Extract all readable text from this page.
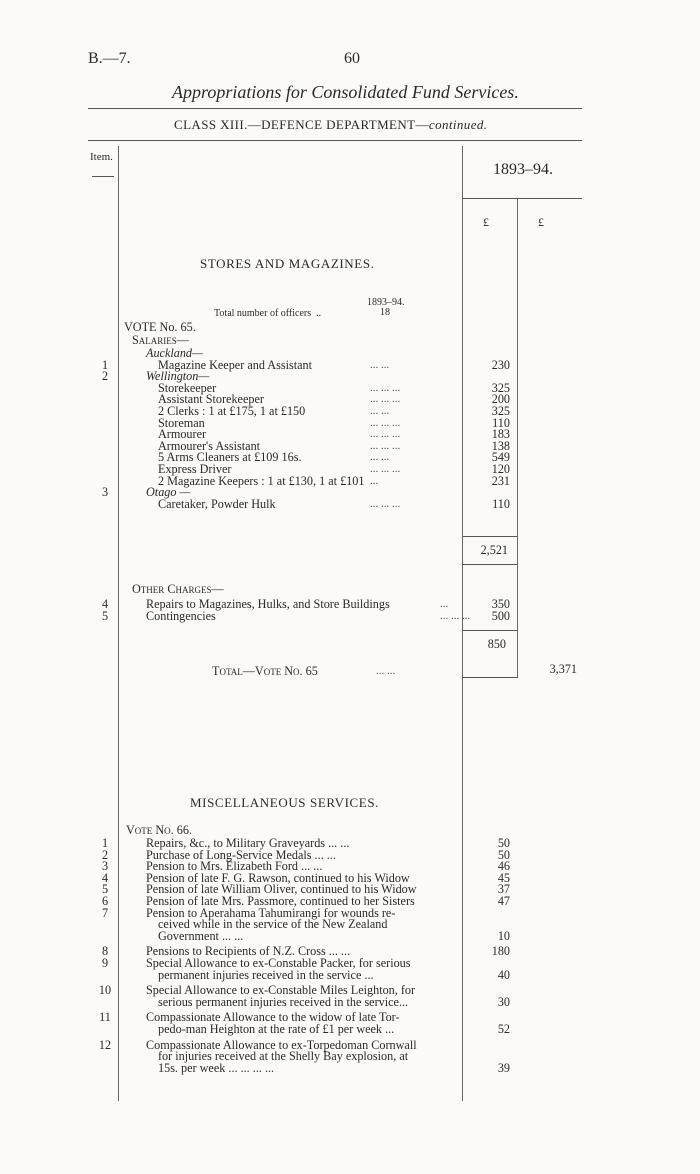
B.—7.	60
Appropriations for Consolidated Fund Services.
CLASS XIII.—DEFENCE DEPARTMENT—continued.
Item.
1893–94.
£	£
STORES AND MAGAZINES.
1893–94.
Total number of officers ..	18
VOTE No. 65.
Salaries—
Auckland—
1	Magazine Keeper and Assistant	... ...	230
2	Wellington—
Storekeeper	... ... ...	325
Assistant Storekeeper	... ... ...	200
2 Clerks : 1 at £175, 1 at £150	... ...	325
Storeman	... ... ...	110
Armourer	... ... ...	183
Armourer's Assistant	... ... ...	138
5 Arms Cleaners at £109 16s.	... ...	549
Express Driver	... ... ...	120
2 Magazine Keepers : 1 at £130, 1 at £101 ...	231
3	Otago —
Caretaker, Powder Hulk	... ... ...	110
2,521
Other Charges—
4	Repairs to Magazines, Hulks, and Store Buildings	...	350
5	Contingencies	... ... ...	500
850
Total—Vote No. 65	... ...	3,371
MISCELLANEOUS SERVICES.
Vote No. 66.
1	Repairs, &c., to Military Graveyards ... ...	50
2	Purchase of Long-Service Medals ... ...	50
3	Pension to Mrs. Elizabeth Ford ... ...	46
4	Pension of late F. G. Rawson, continued to his Widow	45
5	Pension of late William Oliver, continued to his Widow	37
6	Pension of late Mrs. Passmore, continued to her Sisters	47
7	Pension to Aperahama Tahumirangi for wounds re-
ceived while in the service of the New Zealand
Government ... ...	10
8	Pensions to Recipients of N.Z. Cross ... ...	180
9	Special Allowance to ex-Constable Packer, for serious
permanent injuries received in the service ...	40
10	Special Allowance to ex-Constable Miles Leighton, for
serious permanent injuries received in the service...	30
11	Compassionate Allowance to the widow of late Tor-
pedo-man Heighton at the rate of £1 per week ...	52
12	Compassionate Allowance to ex-Torpedoman Cornwall
for injuries received at the Shelly Bay explosion, at
15s. per week ... ... ... ...	39
